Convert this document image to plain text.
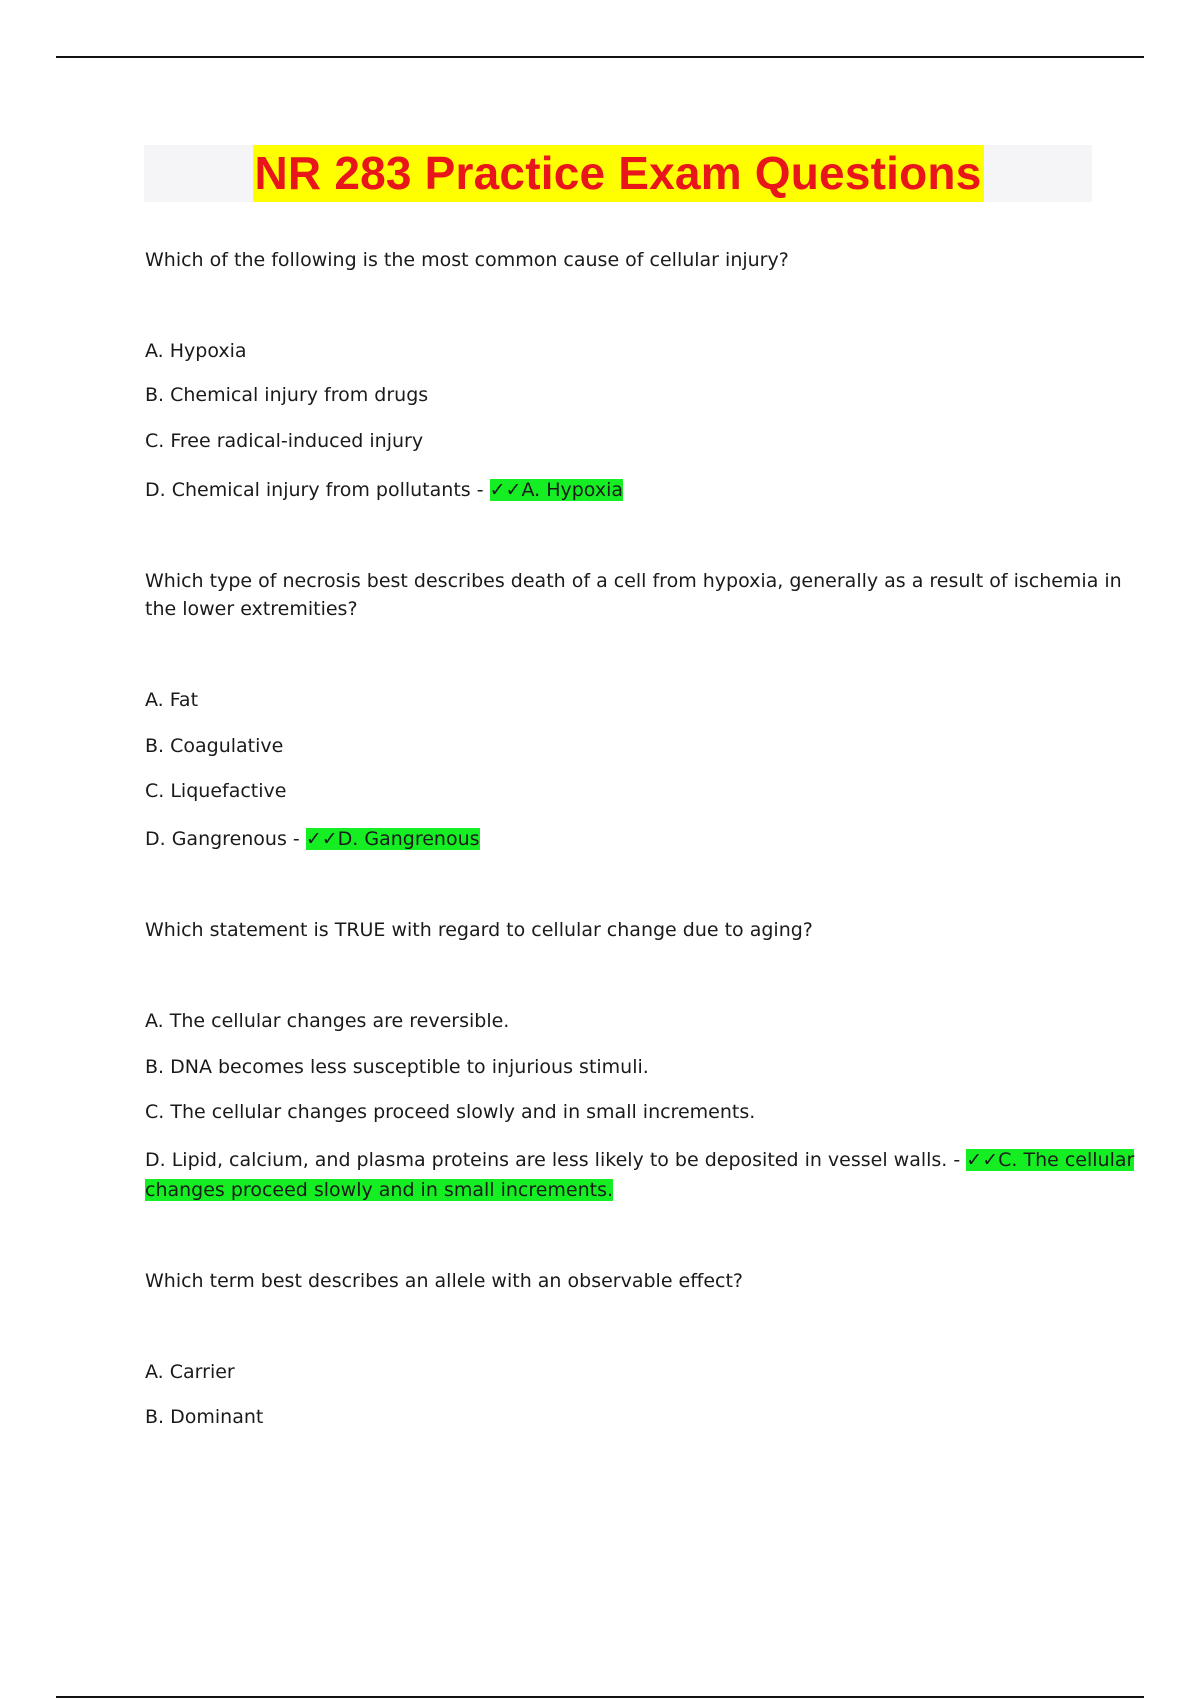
NR 283 Practice Exam Questions
Which of the following is the most common cause of cellular injury?
A. Hypoxia
B. Chemical injury from drugs
C. Free radical-induced injury
D. Chemical injury from pollutants - ✓✓A. Hypoxia
Which type of necrosis best describes death of a cell from hypoxia, generally as a result of ischemia in
the lower extremities?
A. Fat
B. Coagulative
C. Liquefactive
D. Gangrenous - ✓✓D. Gangrenous
Which statement is TRUE with regard to cellular change due to aging?
A. The cellular changes are reversible.
B. DNA becomes less susceptible to injurious stimuli.
C. The cellular changes proceed slowly and in small increments.
D. Lipid, calcium, and plasma proteins are less likely to be deposited in vessel walls. - ✓✓C. The cellular
changes proceed slowly and in small increments.
Which term best describes an allele with an observable effect?
A. Carrier
B. Dominant
